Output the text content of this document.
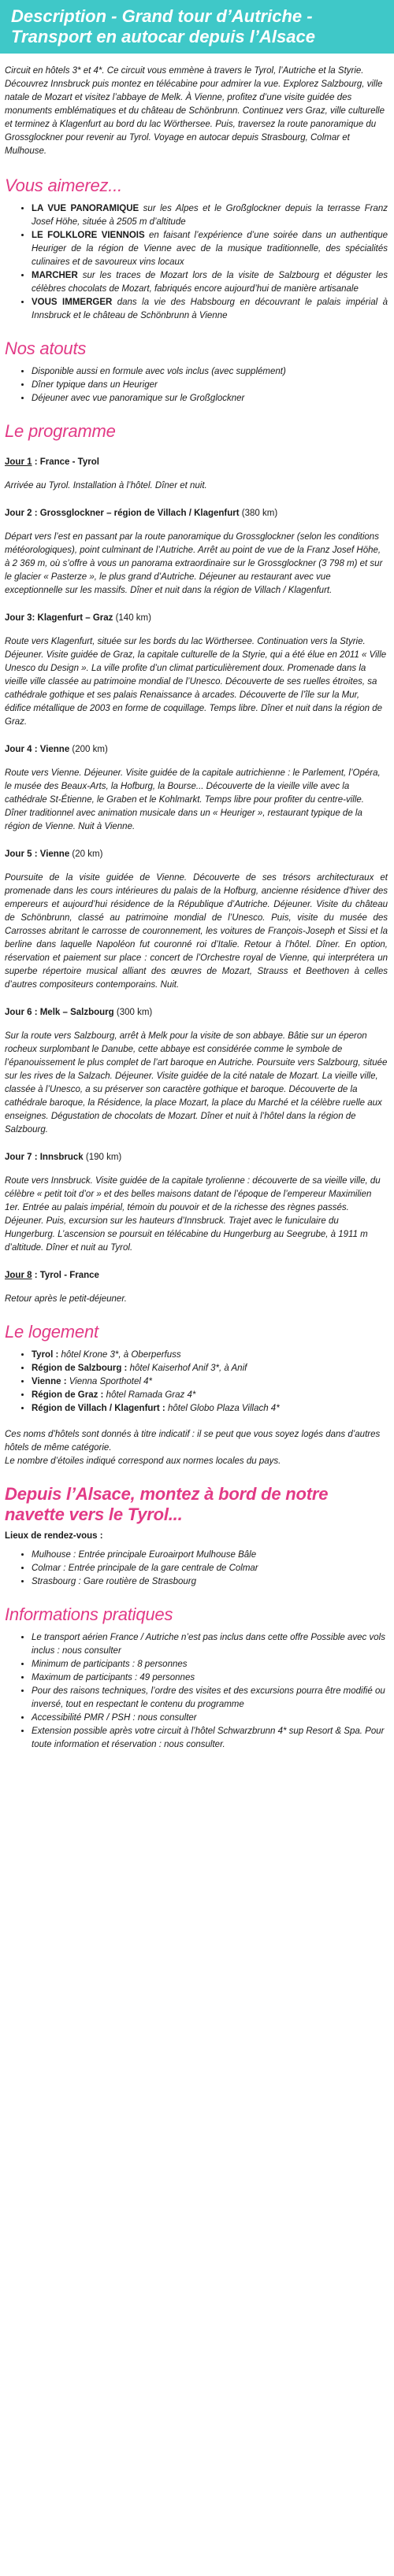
Description - Grand tour d’Autriche - Transport en autocar depuis l’Alsace

Circuit en hôtels 3* et 4*. Ce circuit vous emmène à travers le Tyrol, l’Autriche et la Styrie. Découvrez Innsbruck puis montez en télécabine pour admirer la vue. Explorez Salzbourg, ville natale de Mozart et visitez l’abbaye de Melk. À Vienne, profitez d’une visite guidée des monuments emblématiques et du château de Schönbrunn. Continuez vers Graz, ville culturelle et terminez à Klagenfurt au bord du lac Wörthersee. Puis, traversez la route panoramique du Grossglockner pour revenir au Tyrol. Voyage en autocar depuis Strasbourg, Colmar et Mulhouse.

Vous aimerez...
• LA VUE PANORAMIQUE sur les Alpes et le Großglockner depuis la terrasse Franz Josef Höhe, située à 2505 m d’altitude
• LE FOLKLORE VIENNOIS en faisant l’expérience d’une soirée dans un authentique Heuriger de la région de Vienne avec de la musique traditionnelle, des spécialités culinaires et de savoureux vins locaux
• MARCHER sur les traces de Mozart lors de la visite de Salzbourg et déguster les célèbres chocolats de Mozart, fabriqués encore aujourd’hui de manière artisanale
• VOUS IMMERGER dans la vie des Habsbourg en découvrant le palais impérial à Innsbruck et le château de Schönbrunn à Vienne
Nos atouts
• Disponible aussi en formule avec vols inclus (avec supplément)
• Dîner typique dans un Heuriger
• Déjeuner avec vue panoramique sur le Großglockner
Le programme
Jour 1 : France - Tyrol

Arrivée au Tyrol. Installation à l’hôtel. Dîner et nuit.

Jour 2 : Grossglockner – région de Villach / Klagenfurt (380 km)

Départ vers l’est en passant par la route panoramique du Grossglockner (selon les conditions météorologiques), point culminant de l’Autriche. Arrêt au point de vue de la Franz Josef Höhe, à 2 369 m, où s’offre à vous un panorama extraordinaire sur le Grossglockner (3 798 m) et sur le glacier « Pasterze », le plus grand d’Autriche. Déjeuner au restaurant avec vue exceptionnelle sur les massifs. Dîner et nuit dans la région de Villach / Klagenfurt.

Jour 3: Klagenfurt – Graz (140 km)

Route vers Klagenfurt, située sur les bords du lac Wörthersee. Continuation vers la Styrie. Déjeuner. Visite guidée de Graz, la capitale culturelle de la Styrie, qui a été élue en 2011 « Ville Unesco du Design ». La ville profite d’un climat particulièrement doux. Promenade dans la vieille ville classée au patrimoine mondial de l’Unesco. Découverte de ses ruelles étroites, sa cathédrale gothique et ses palais Renaissance à arcades. Découverte de l’île sur la Mur, édifice métallique de 2003 en forme de coquillage. Temps libre. Dîner et nuit dans la région de Graz.

Jour 4 : Vienne (200 km)

Route vers Vienne. Déjeuner. Visite guidée de la capitale autrichienne : le Parlement, l’Opéra, le musée des Beaux-Arts, la Hofburg, la Bourse... Découverte de la vieille ville avec la cathédrale St-Étienne, le Graben et le Kohlmarkt. Temps libre pour profiter du centre-ville. Dîner traditionnel avec animation musicale dans un « Heuriger », restaurant typique de la région de Vienne. Nuit à Vienne.

Jour 5 : Vienne (20 km)

Poursuite de la visite guidée de Vienne. Découverte de ses trésors architecturaux et promenade dans les cours intérieures du palais de la Hofburg, ancienne résidence d’hiver des empereurs et aujourd’hui résidence de la République d’Autriche. Déjeuner. Visite du château de Schönbrunn, classé au patrimoine mondial de l’Unesco. Puis, visite du musée des Carrosses abritant le carrosse de couronnement, les voitures de François-Joseph et Sissi et la berline dans laquelle Napoléon fut couronné roi d’Italie. Retour à l’hôtel. Dîner. En option, réservation et paiement sur place : concert de l’Orchestre royal de Vienne, qui interprétera un superbe répertoire musical alliant des œuvres de Mozart, Strauss et Beethoven à celles d’autres compositeurs contemporains. Nuit.

Jour 6 : Melk – Salzbourg (300 km)

Sur la route vers Salzbourg, arrêt à Melk pour la visite de son abbaye. Bâtie sur un éperon rocheux surplombant le Danube, cette abbaye est considérée comme le symbole de l’épanouissement le plus complet de l’art baroque en Autriche. Poursuite vers Salzbourg, située sur les rives de la Salzach. Déjeuner. Visite guidée de la cité natale de Mozart. La vieille ville, classée à l’Unesco, a su préserver son caractère gothique et baroque. Découverte de la cathédrale baroque, la Résidence, la place Mozart, la place du Marché et la célèbre ruelle aux enseignes. Dégustation de chocolats de Mozart. Dîner et nuit à l’hôtel dans la région de Salzbourg.

Jour 7 : Innsbruck (190 km)

Route vers Innsbruck. Visite guidée de la capitale tyrolienne : découverte de sa vieille ville, du célèbre « petit toit d’or » et des belles maisons datant de l’époque de l’empereur Maximilien 1er. Entrée au palais impérial, témoin du pouvoir et de la richesse des règnes passés. Déjeuner. Puis, excursion sur les hauteurs d’Innsbruck. Trajet avec le funiculaire du Hungerburg. L’ascension se poursuit en télécabine du Hungerburg au Seegrube, à 1911 m d’altitude. Dîner et nuit au Tyrol.

Jour 8 : Tyrol - France

Retour après le petit-déjeuner.

Le logement
• Tyrol : hôtel Krone 3*, à Oberperfuss
• Région de Salzbourg : hôtel Kaiserhof Anif 3*, à Anif
• Vienne : Vienna Sporthotel 4*
• Région de Graz : hôtel Ramada Graz 4*
• Région de Villach / Klagenfurt : hôtel Globo Plaza Villach 4*

Ces noms d’hôtels sont donnés à titre indicatif : il se peut que vous soyez logés dans d’autres hôtels de même catégorie.

Le nombre d’étoiles indiqué correspond aux normes locales du pays.

Depuis l’Alsace, montez à bord de notre navette vers le Tyrol...
Lieux de rendez-vous :
• Mulhouse : Entrée principale Euroairport Mulhouse Bâle
• Colmar : Entrée principale de la gare centrale de Colmar
• Strasbourg : Gare routière de Strasbourg
Informations pratiques
• Le transport aérien France / Autriche n’est pas inclus dans cette offre Possible avec vols inclus : nous consulter
• Minimum de participants : 8 personnes
• Maximum de participants : 49 personnes
• Pour des raisons techniques, l’ordre des visites et des excursions pourra être modifié ou inversé, tout en respectant le contenu du programme
• Accessibilité PMR / PSH : nous consulter
• Extension possible après votre circuit à l’hôtel Schwarzbrunn 4* sup Resort & Spa. Pour toute information et réservation : nous consulter.
